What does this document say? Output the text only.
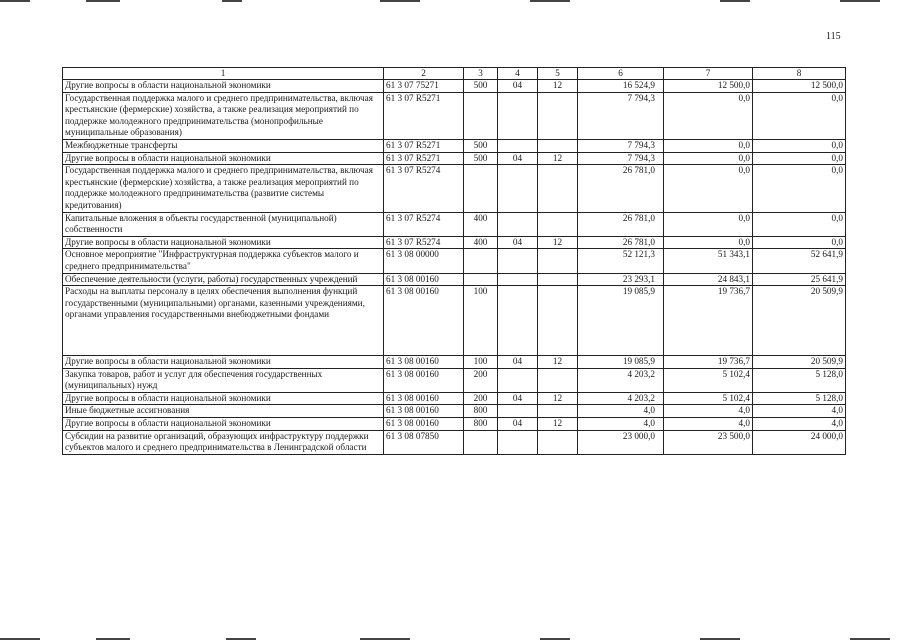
115
1	2	3	4	5	6	7	8
Другие вопросы в области национальной экономики	61 3 07 75271	500	04	12	16 524,9	12 500,0	12 500,0
Государственная поддержка малого и среднего предпринимательства, включая крестьянские (фермерские) хозяйства, а также реализация мероприятий по поддержке молодежного предпринимательства (монопрофильные муниципальные образования)	61 3 07 R5271				7 794,3	0,0	0,0
Межбюджетные трансферты	61 3 07 R5271	500			7 794,3	0,0	0,0
Другие вопросы в области национальной экономики	61 3 07 R5271	500	04	12	7 794,3	0,0	0,0
Государственная поддержка малого и среднего предпринимательства, включая крестьянские (фермерские) хозяйства, а также реализация мероприятий по поддержке молодежного предпринимательства (развитие системы кредитования)	61 3 07 R5274				26 781,0	0,0	0,0
Капитальные вложения в объекты государственной (муниципальной) собственности	61 3 07 R5274	400			26 781,0	0,0	0,0
Другие вопросы в области национальной экономики	61 3 07 R5274	400	04	12	26 781,0	0,0	0,0
Основное мероприятие "Инфраструктурная поддержка субъектов малого и среднего предпринимательства"	61 3 08 00000				52 121,3	51 343,1	52 641,9
Обеспечение деятельности (услуги, работы) государственных учреждений	61 3 08 00160				23 293,1	24 843,1	25 641,9
Расходы на выплаты персоналу в целях обеспечения выполнения функций государственными (муниципальными) органами, казенными учреждениями, органами управления государственными внебюджетными фондами	61 3 08 00160	100			19 085,9	19 736,7	20 509,9
Другие вопросы в области национальной экономики	61 3 08 00160	100	04	12	19 085,9	19 736,7	20 509,9
Закупка товаров, работ и услуг для обеспечения государственных (муниципальных) нужд	61 3 08 00160	200			4 203,2	5 102,4	5 128,0
Другие вопросы в области национальной экономики	61 3 08 00160	200	04	12	4 203,2	5 102,4	5 128,0
Иные бюджетные ассигнования	61 3 08 00160	800			4,0	4,0	4,0
Другие вопросы в области национальной экономики	61 3 08 00160	800	04	12	4,0	4,0	4,0
Субсидии на развитие организаций, образующих инфраструктуру поддержки субъектов малого и среднего предпринимательства в Ленинградской области	61 3 08 07850				23 000,0	23 500,0	24 000,0
